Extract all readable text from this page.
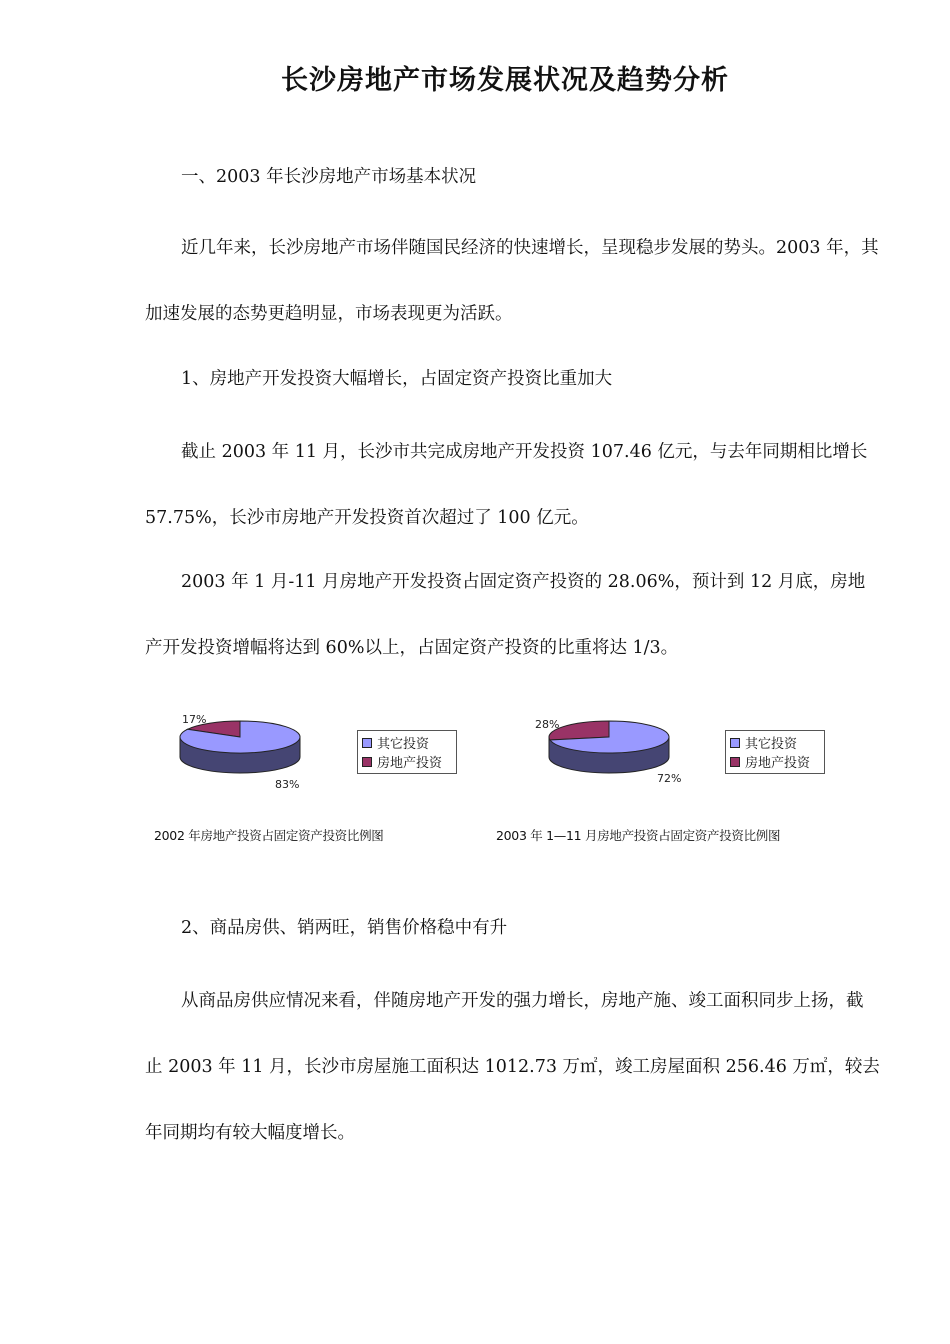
长沙房地产市场发展状况及趋势分析

一、2003 年长沙房地产市场基本状况

近几年来，长沙房地产市场伴随国民经济的快速增长，呈现稳步发展的势头。2003 年，其加速发展的态势更趋明显，市场表现更为活跃。

1、房地产开发投资大幅增长，占固定资产投资比重加大

截止 2003 年 11 月，长沙市共完成房地产开发投资 107.46 亿元，与去年同期相比增长 57.75%，长沙市房地产开发投资首次超过了 100 亿元。

2003 年 1 月-11 月房地产开发投资占固定资产投资的 28.06%，预计到 12 月底，房地产开发投资增幅将达到 60%以上，占固定资产投资的比重将达 1/3。

17%
83%
其它投资
房地产投资
2002 年房地产投资占固定资产投资比例图
28%
72%
其它投资
房地产投资
2003 年 1—11 月房地产投资占固定资产投资比例图

2、商品房供、销两旺，销售价格稳中有升

从商品房供应情况来看，伴随房地产开发的强力增长，房地产施、竣工面积同步上扬，截止 2003 年 11 月，长沙市房屋施工面积达 1012.73 万㎡，竣工房屋面积 256.46 万㎡，较去年同期均有较大幅度增长。
